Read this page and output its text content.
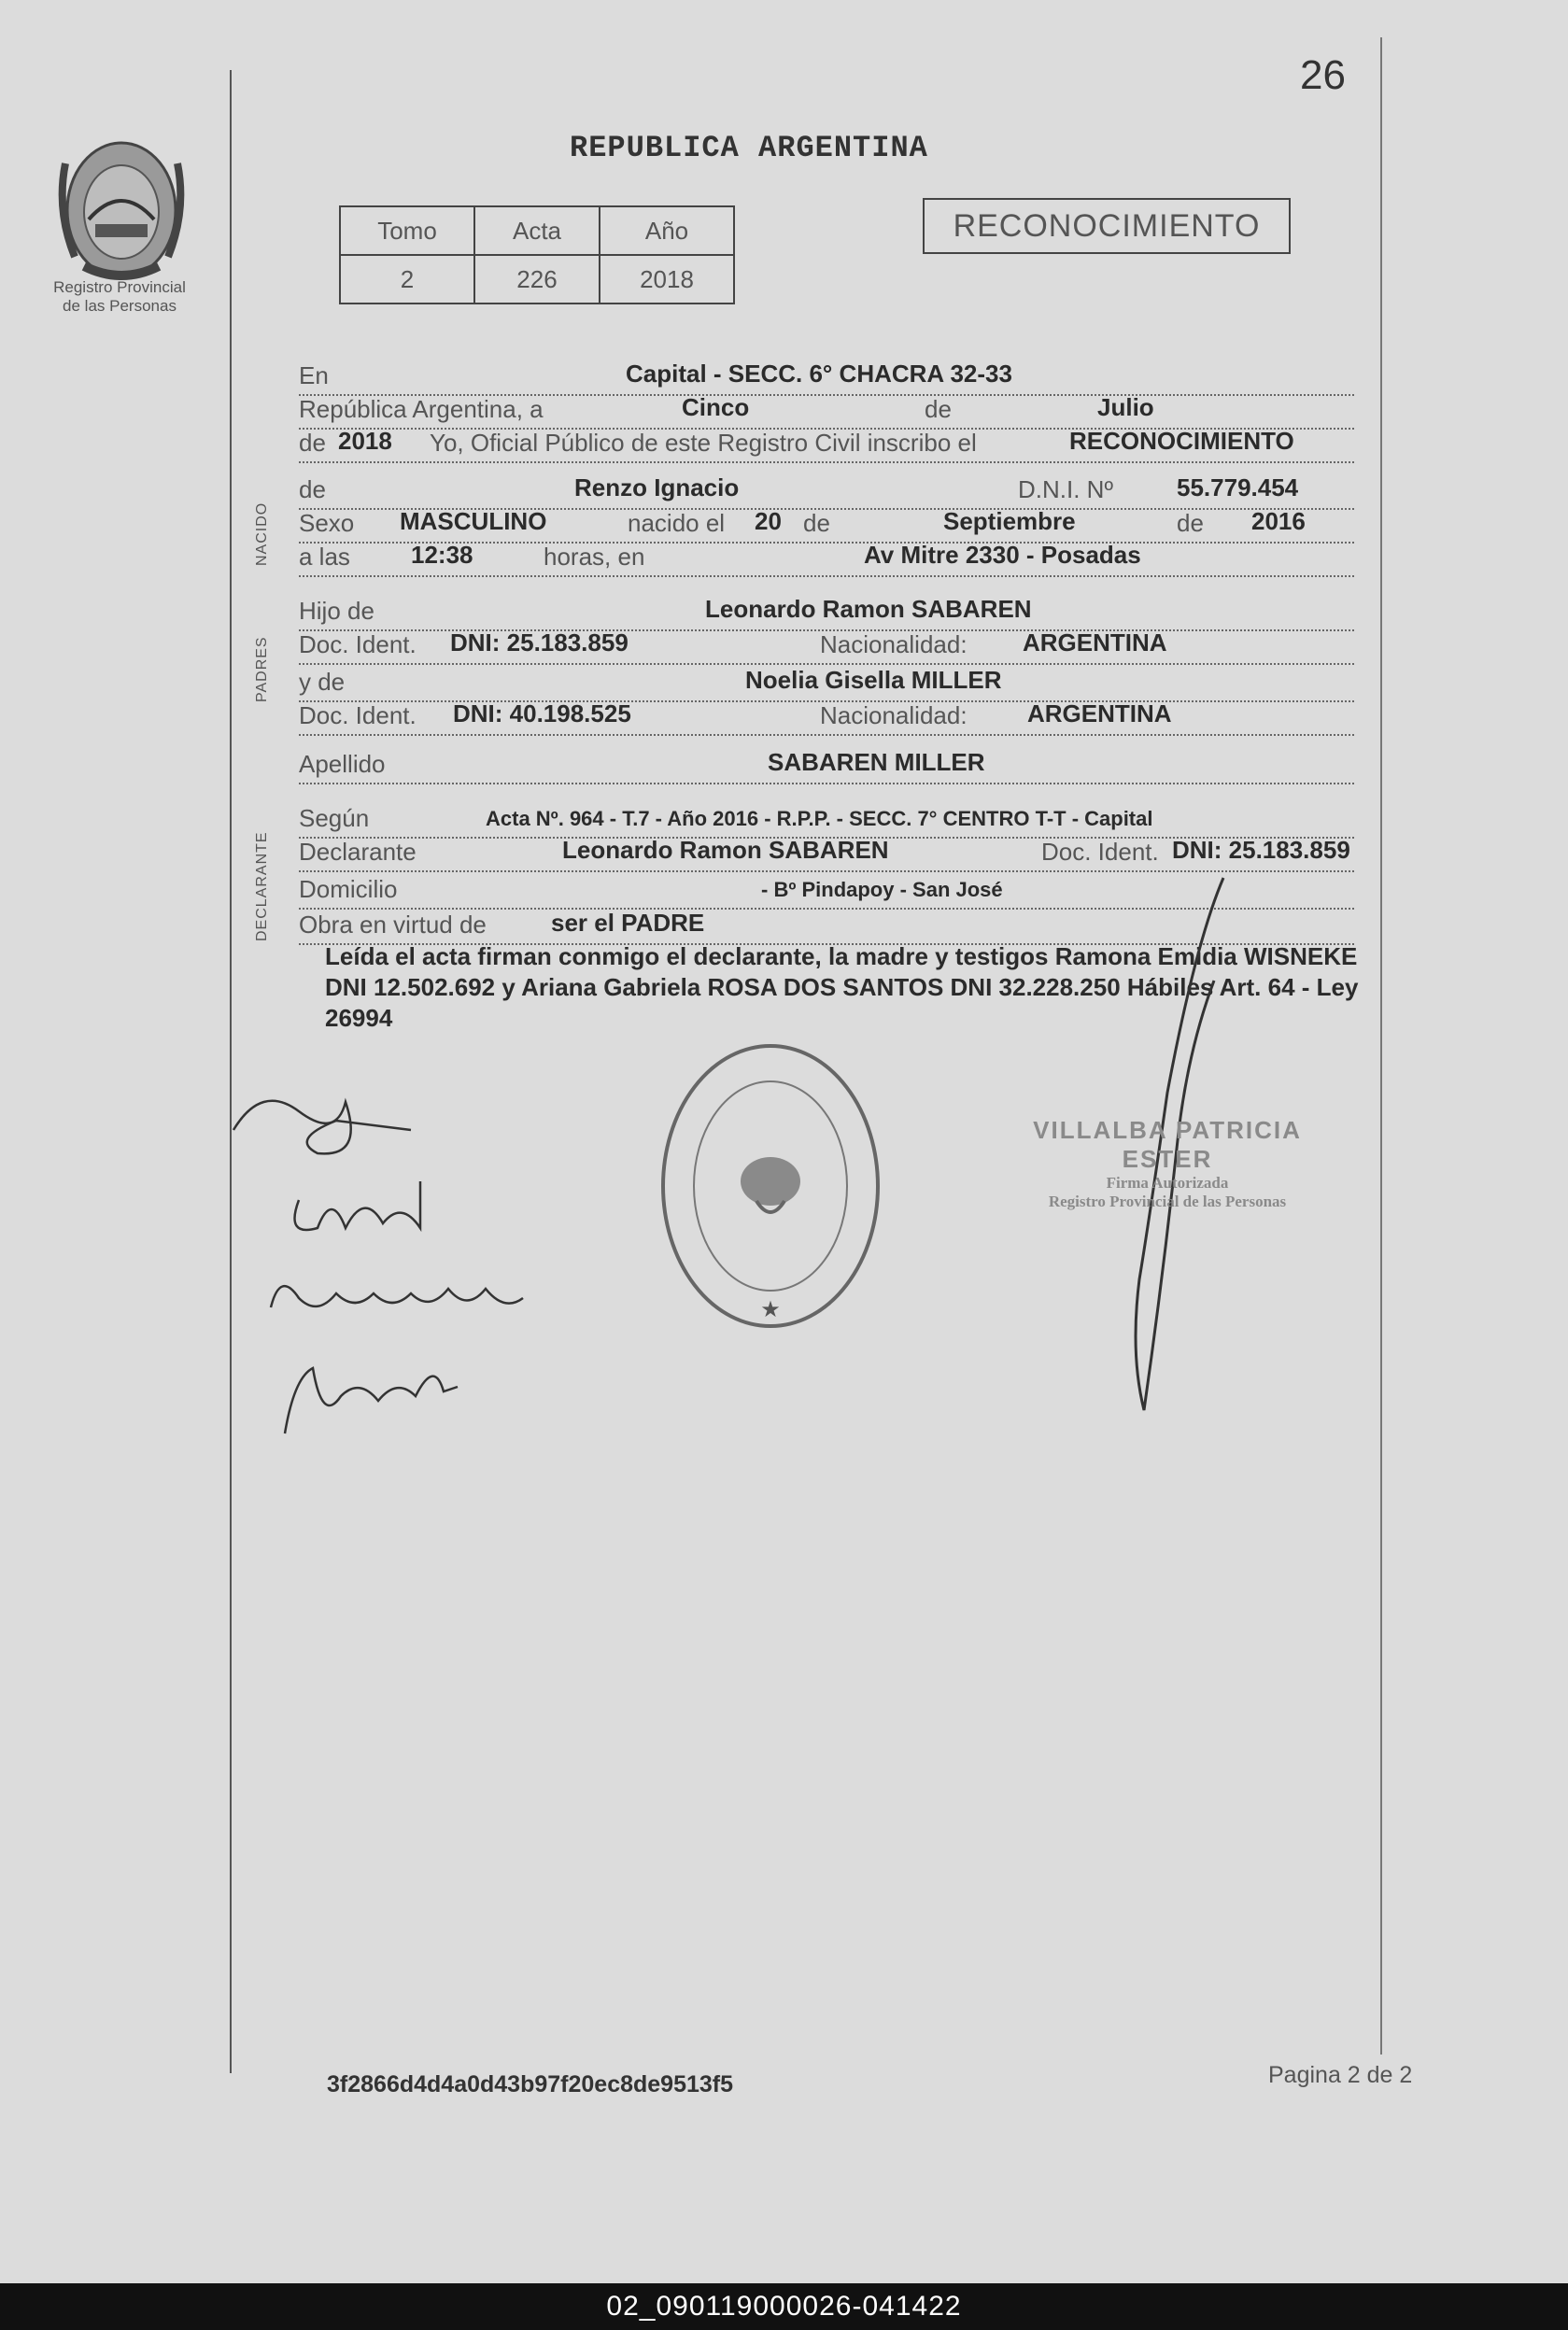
26
Registro Provincial
de las Personas
REPUBLICA ARGENTINA
Tomo	Acta	Año
2	226	2018
RECONOCIMIENTO
NACIDO
PADRES
DECLARANTE
En	Capital - SECC. 6° CHACRA 32-33
República Argentina, a	Cinco	de	Julio
de 2018 Yo, Oficial Público de este Registro Civil inscribo el	RECONOCIMIENTO
de	Renzo Ignacio	D.N.I. Nº	55.779.454
Sexo MASCULINO	nacido el 20 de	Septiembre	de 2016
a las	12:38	horas, en	Av Mitre 2330 - Posadas
Hijo de	Leonardo Ramon SABAREN
Doc. Ident. DNI: 25.183.859	Nacionalidad: ARGENTINA
y de	Noelia Gisella MILLER
Doc. Ident. DNI: 40.198.525	Nacionalidad: ARGENTINA
Apellido	SABAREN MILLER
Según	Acta Nº. 964 - T.7 - Año 2016 - R.P.P. - SECC. 7° CENTRO T-T - Capital
Declarante	Leonardo Ramon SABAREN	Doc. Ident. DNI: 25.183.859
Domicilio	- Bº Pindapoy - San José
Obra en virtud de	ser el PADRE
Leída el acta firman conmigo el declarante, la madre y testigos Ramona Emidia WISNEKE DNI 12.502.692 y Ariana Gabriela ROSA DOS SANTOS DNI 32.228.250 Hábiles Art. 64 - Ley 26994
★
VILLALBA PATRICIA ESTER
Firma Autorizada
Registro Provincial de las Personas
3f2866d4d4a0d43b97f20ec8de9513f5	Pagina 2 de 2
02_090119000026-041422
